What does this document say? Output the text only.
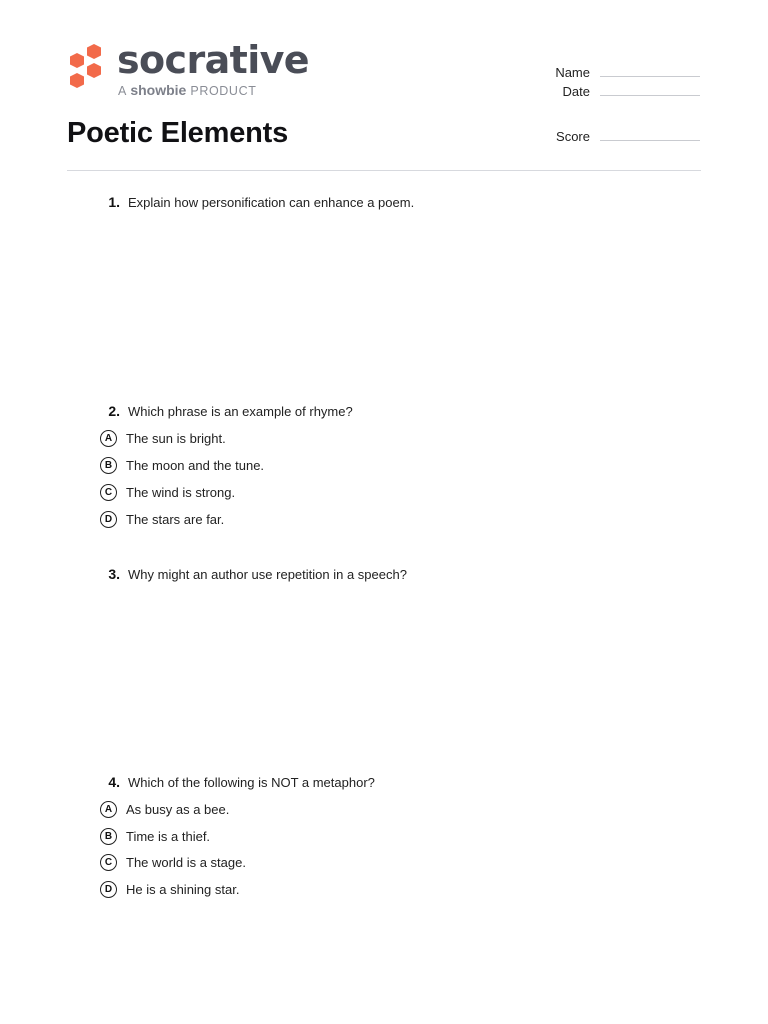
socrative
A showbie PRODUCT
Poetic Elements
Name
Date
Score
1. Explain how personification can enhance a poem.
2. Which phrase is an example of rhyme?
A	The sun is bright.
B	The moon and the tune.
C	The wind is strong.
D	The stars are far.
3. Why might an author use repetition in a speech?
4. Which of the following is NOT a metaphor?
A	As busy as a bee.
B	Time is a thief.
C	The world is a stage.
D	He is a shining star.
